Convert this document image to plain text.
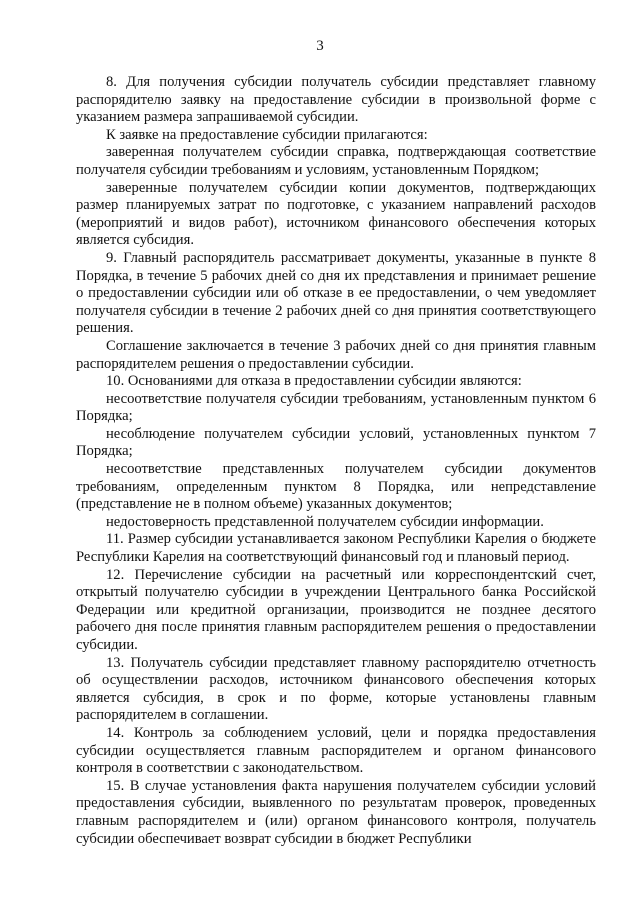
3

8. Для получения субсидии получатель субсидии представляет главному распорядителю заявку на предоставление субсидии в произвольной форме с указанием размера запрашиваемой субсидии.

К заявке на предоставление субсидии прилагаются:

заверенная получателем субсидии справка, подтверждающая соответствие получателя субсидии требованиям и условиям, установленным Порядком;

заверенные получателем субсидии копии документов, подтверждающих размер планируемых затрат по подготовке, с указанием направлений расходов (мероприятий и видов работ), источником финансового обеспечения которых является субсидия.

9. Главный распорядитель рассматривает документы, указанные в пункте 8 Порядка, в течение 5 рабочих дней со дня их представления и принимает решение о предоставлении субсидии или об отказе в ее предоставлении, о чем уведомляет получателя субсидии в течение 2 рабочих дней со дня принятия соответствующего решения.

Соглашение заключается в течение 3 рабочих дней со дня принятия главным распорядителем решения о предоставлении субсидии.

10. Основаниями для отказа в предоставлении субсидии являются:

несоответствие получателя субсидии требованиям, установленным пунктом 6 Порядка;

несоблюдение получателем субсидии условий, установленных пунктом 7 Порядка;

несоответствие представленных получателем субсидии документов требованиям, определенным пунктом 8 Порядка, или непредставление (представление не в полном объеме) указанных документов;

недостоверность представленной получателем субсидии информации.

11. Размер субсидии устанавливается законом Республики Карелия о бюджете Республики Карелия на соответствующий финансовый год и плановый период.

12. Перечисление субсидии на расчетный или корреспондентский счет, открытый получателю субсидии в учреждении Центрального банка Российской Федерации или кредитной организации, производится не позднее десятого рабочего дня после принятия главным распорядителем решения о предоставлении субсидии.

13. Получатель субсидии представляет главному распорядителю отчетность об осуществлении расходов, источником финансового обеспечения которых является субсидия, в срок и по форме, которые установлены главным распорядителем в соглашении.

14. Контроль за соблюдением условий, цели и порядка предоставления субсидии осуществляется главным распорядителем и органом финансового контроля в соответствии с законодательством.

15. В случае установления факта нарушения получателем субсидии условий предоставления субсидии, выявленного по результатам проверок, проведенных главным распорядителем и (или) органом финансового контроля, получатель субсидии обеспечивает возврат субсидии в бюджет Республики
